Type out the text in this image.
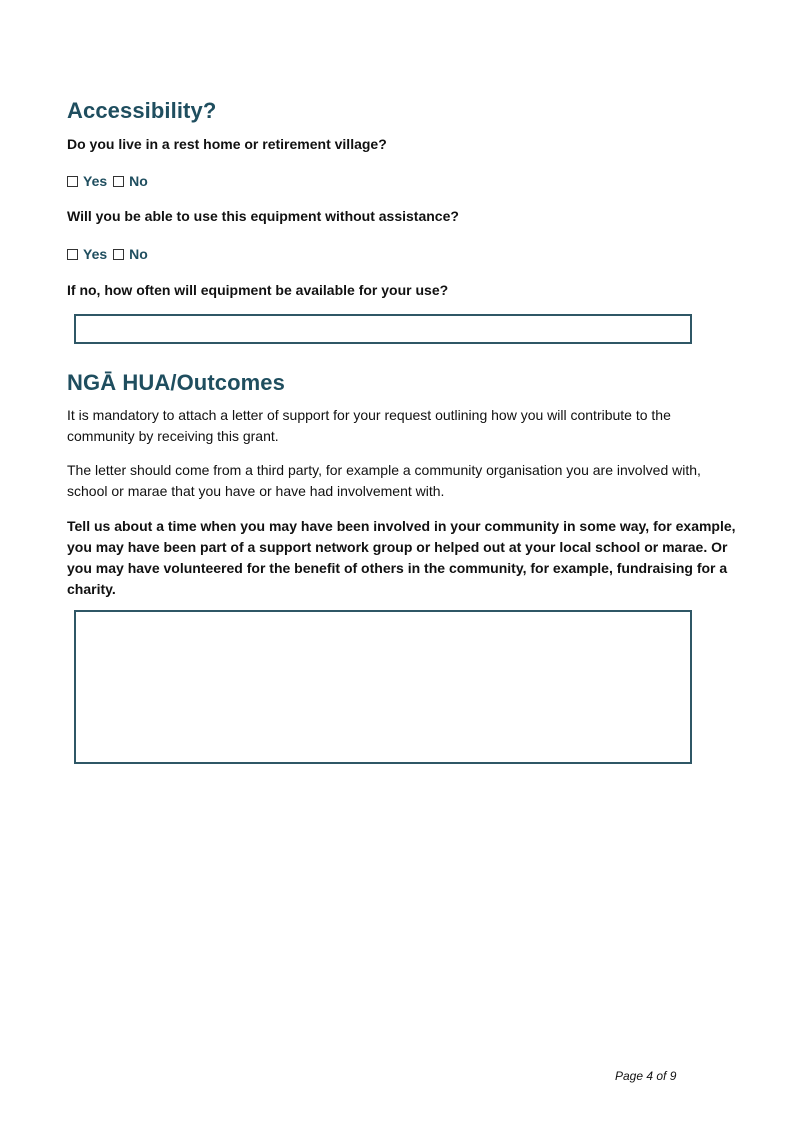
Accessibility?

Do you live in a rest home or retirement village?

Yes No

Will you be able to use this equipment without assistance?

Yes No

If no, how often will equipment be available for your use?

NGĀ HUA/Outcomes

It is mandatory to attach a letter of support for your request outlining how you will contribute to the community by receiving this grant.

The letter should come from a third party, for example a community organisation you are involved with, school or marae that you have or have had involvement with.

Tell us about a time when you may have been involved in your community in some way, for example, you may have been part of a support network group or helped out at your local school or marae. Or you may have volunteered for the benefit of others in the community, for example, fundraising for a charity.

Page 4 of 9
